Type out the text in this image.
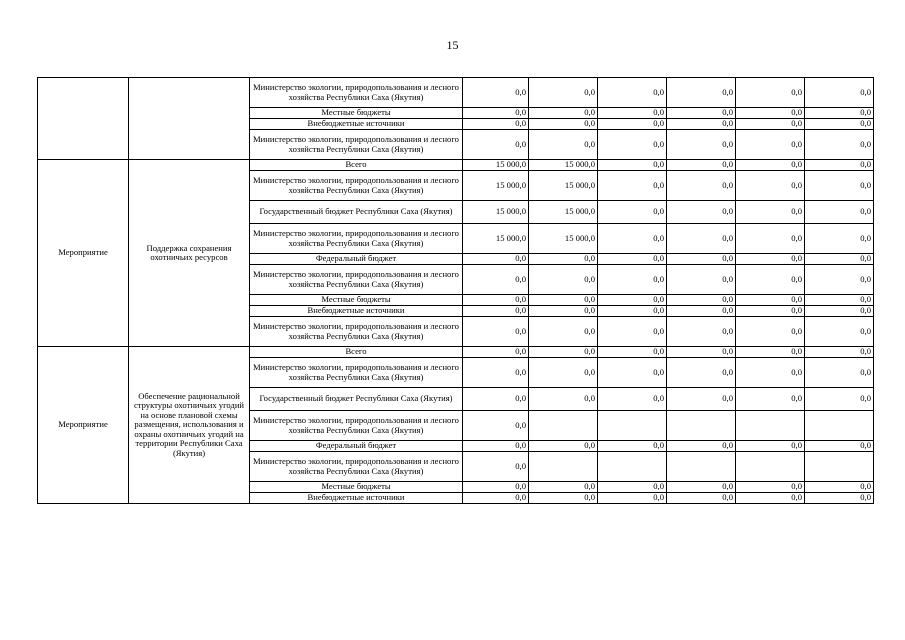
15
		Министерство экологии, природопользования и лесного хозяйства Республики Саха (Якутия)	0,0	0,0	0,0	0,0	0,0	0,0
		Местные бюджеты	0,0	0,0	0,0	0,0	0,0	0,0
		Внебюджетные источники	0,0	0,0	0,0	0,0	0,0	0,0
		Министерство экологии, природопользования и лесного хозяйства Республики Саха (Якутия)	0,0	0,0	0,0	0,0	0,0	0,0
Мероприятие	Поддержка сохранения охотничьих ресурсов	Всего	15 000,0	15 000,0	0,0	0,0	0,0	0,0
		Министерство экологии, природопользования и лесного хозяйства Республики Саха (Якутия)	15 000,0	15 000,0	0,0	0,0	0,0	0,0
		Государственный бюджет Республики Саха (Якутия)	15 000,0	15 000,0	0,0	0,0	0,0	0,0
		Министерство экологии, природопользования и лесного хозяйства Республики Саха (Якутия)	15 000,0	15 000,0	0,0	0,0	0,0	0,0
		Федеральный бюджет	0,0	0,0	0,0	0,0	0,0	0,0
		Министерство экологии, природопользования и лесного хозяйства Республики Саха (Якутия)	0,0	0,0	0,0	0,0	0,0	0,0
		Местные бюджеты	0,0	0,0	0,0	0,0	0,0	0,0
		Внебюджетные источники	0,0	0,0	0,0	0,0	0,0	0,0
		Министерство экологии, природопользования и лесного хозяйства Республики Саха (Якутия)	0,0	0,0	0,0	0,0	0,0	0,0
Мероприятие	Обеспечение рациональной структуры охотничьих угодий на основе плановой схемы размещения, использования и охраны охотничьих угодий на территории Республики Саха (Якутия)	Всего	0,0	0,0	0,0	0,0	0,0	0,0
		Министерство экологии, природопользования и лесного хозяйства Республики Саха (Якутия)	0,0	0,0	0,0	0,0	0,0	0,0
		Государственный бюджет Республики Саха (Якутия)	0,0	0,0	0,0	0,0	0,0	0,0
		Министерство экологии, природопользования и лесного хозяйства Республики Саха (Якутия)	0,0					
		Федеральный бюджет	0,0	0,0	0,0	0,0	0,0	0,0
		Министерство экологии, природопользования и лесного хозяйства Республики Саха (Якутия)	0,0					
		Местные бюджеты	0,0	0,0	0,0	0,0	0,0	0,0
		Внебюджетные источники	0,0	0,0	0,0	0,0	0,0	0,0
